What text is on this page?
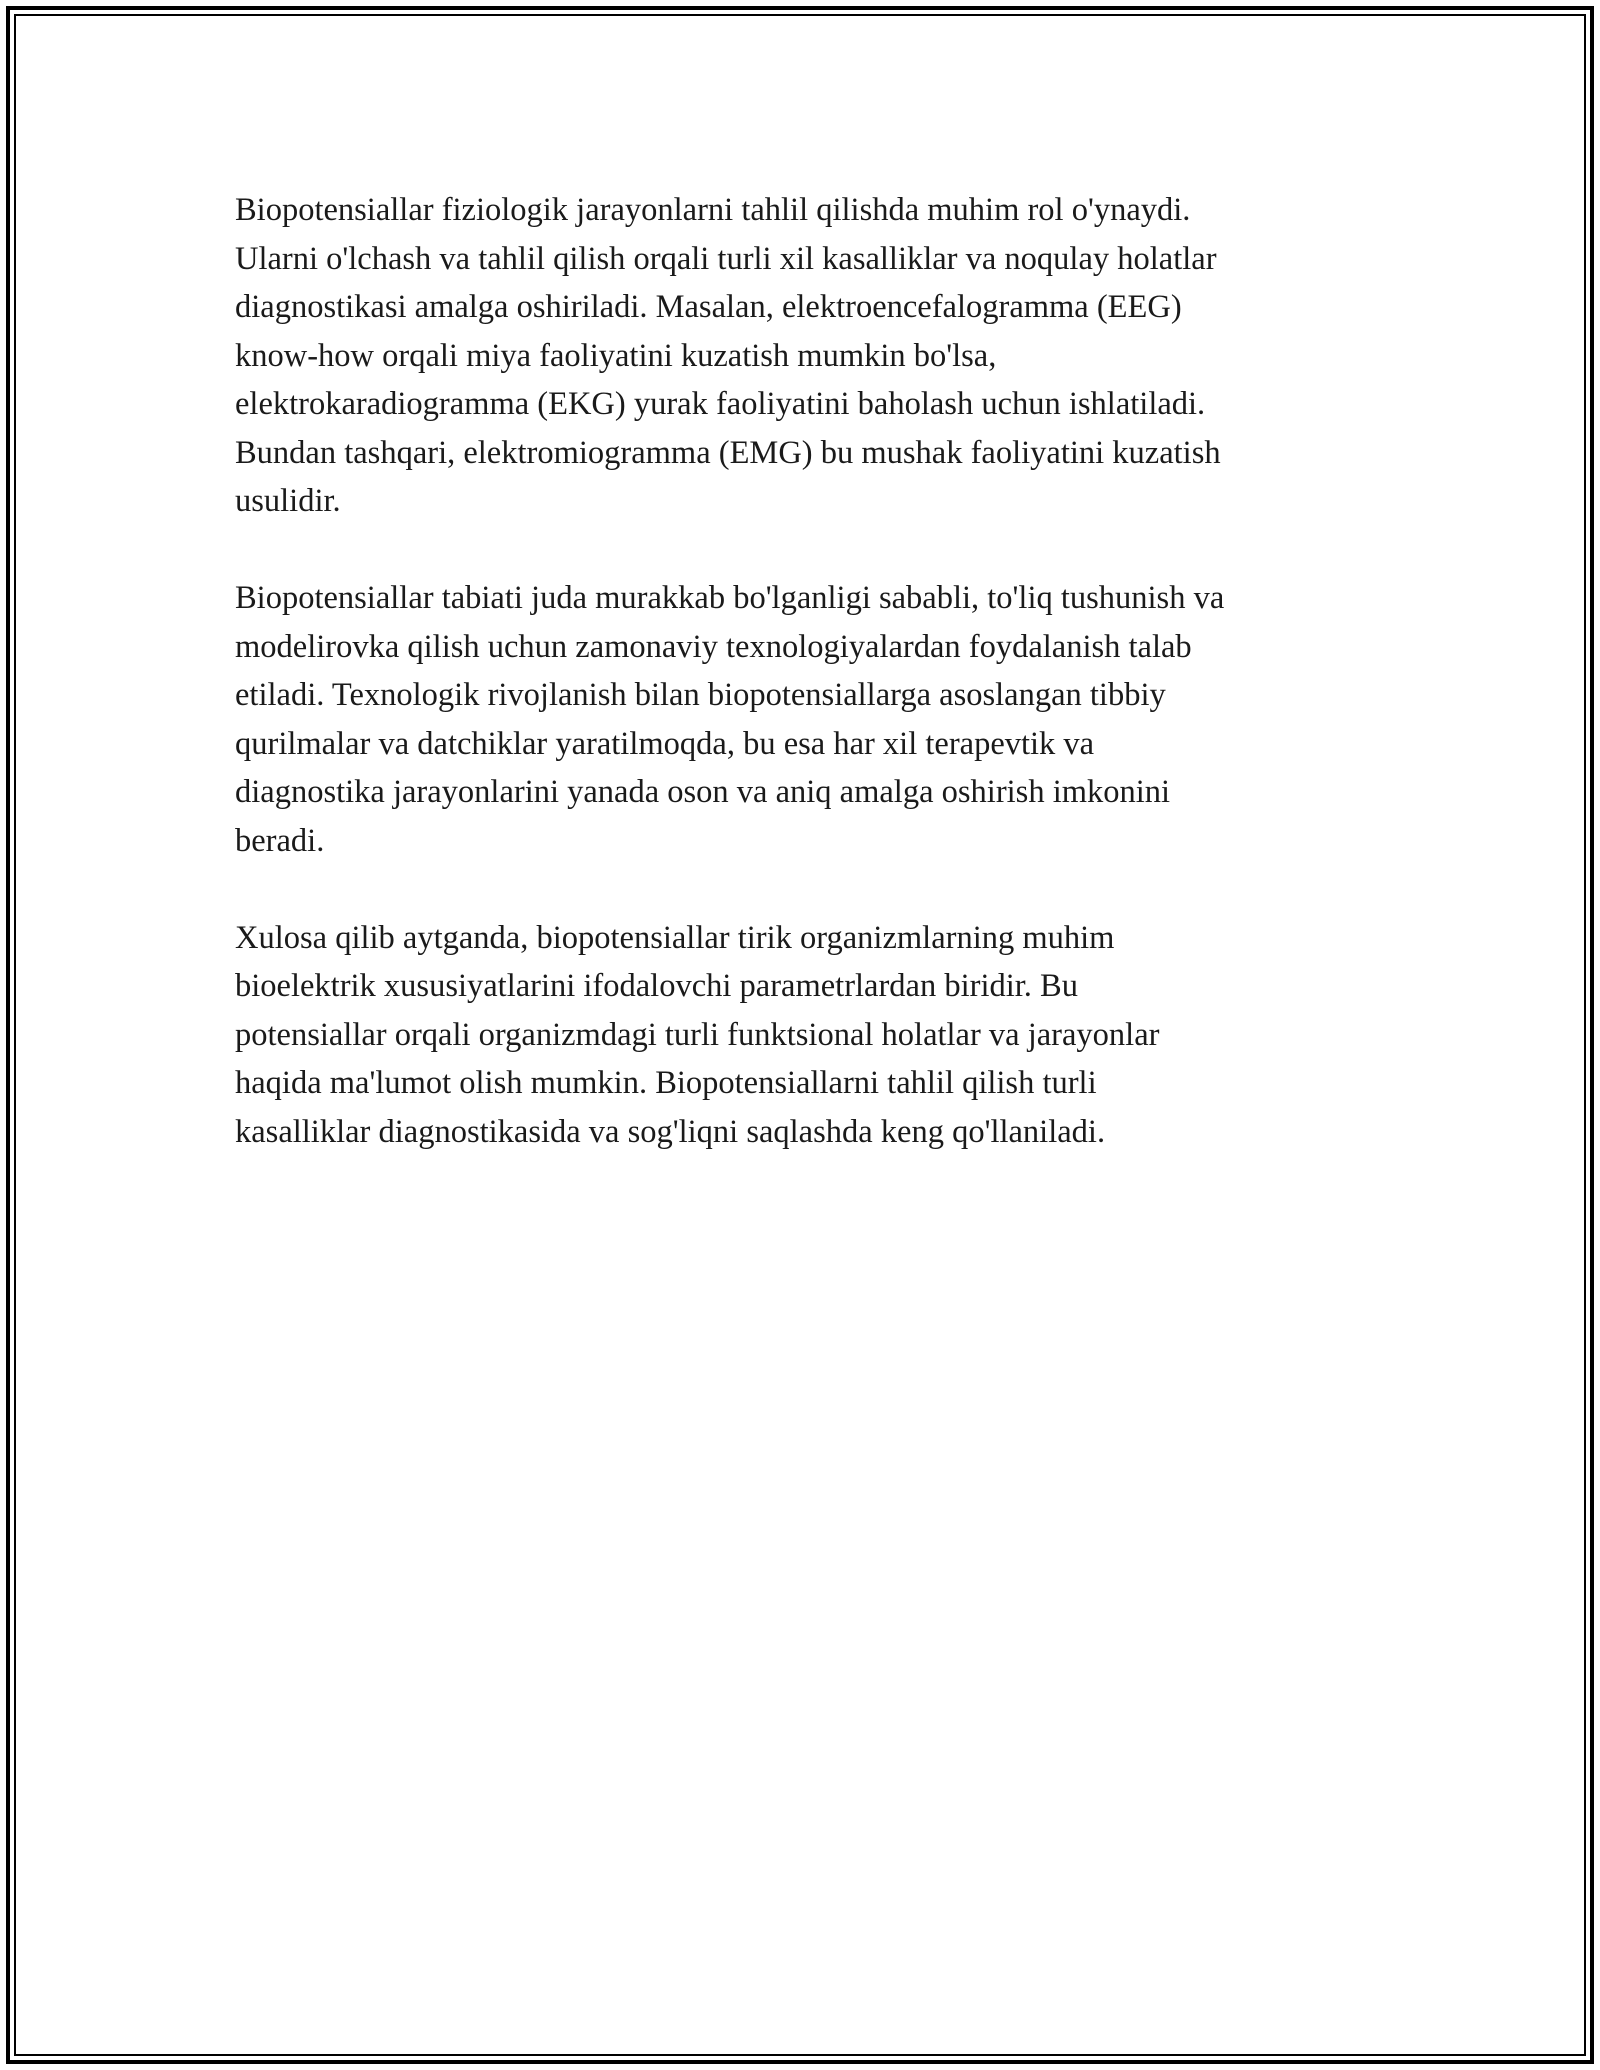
Biopotensiallar fiziologik jarayonlarni tahlil qilishda muhim rol o'ynaydi.
Ularni o'lchash va tahlil qilish orqali turli xil kasalliklar va noqulay holatlar
diagnostikasi amalga oshiriladi. Masalan, elektroencefalogramma (EEG)
know-how orqali miya faoliyatini kuzatish mumkin bo'lsa,
elektrokaradiogramma (EKG) yurak faoliyatini baholash uchun ishlatiladi.
Bundan tashqari, elektromiogramma (EMG) bu mushak faoliyatini kuzatish
usulidir.

Biopotensiallar tabiati juda murakkab bo'lganligi sababli, to'liq tushunish va
modelirovka qilish uchun zamonaviy texnologiyalardan foydalanish talab
etiladi. Texnologik rivojlanish bilan biopotensiallarga asoslangan tibbiy
qurilmalar va datchiklar yaratilmoqda, bu esa har xil terapevtik va
diagnostika jarayonlarini yanada oson va aniq amalga oshirish imkonini
beradi.

Xulosa qilib aytganda, biopotensiallar tirik organizmlarning muhim
bioelektrik xususiyatlarini ifodalovchi parametrlardan biridir. Bu
potensiallar orqali organizmdagi turli funktsional holatlar va jarayonlar
haqida ma'lumot olish mumkin. Biopotensiallarni tahlil qilish turli
kasalliklar diagnostikasida va sog'liqni saqlashda keng qo'llaniladi.
